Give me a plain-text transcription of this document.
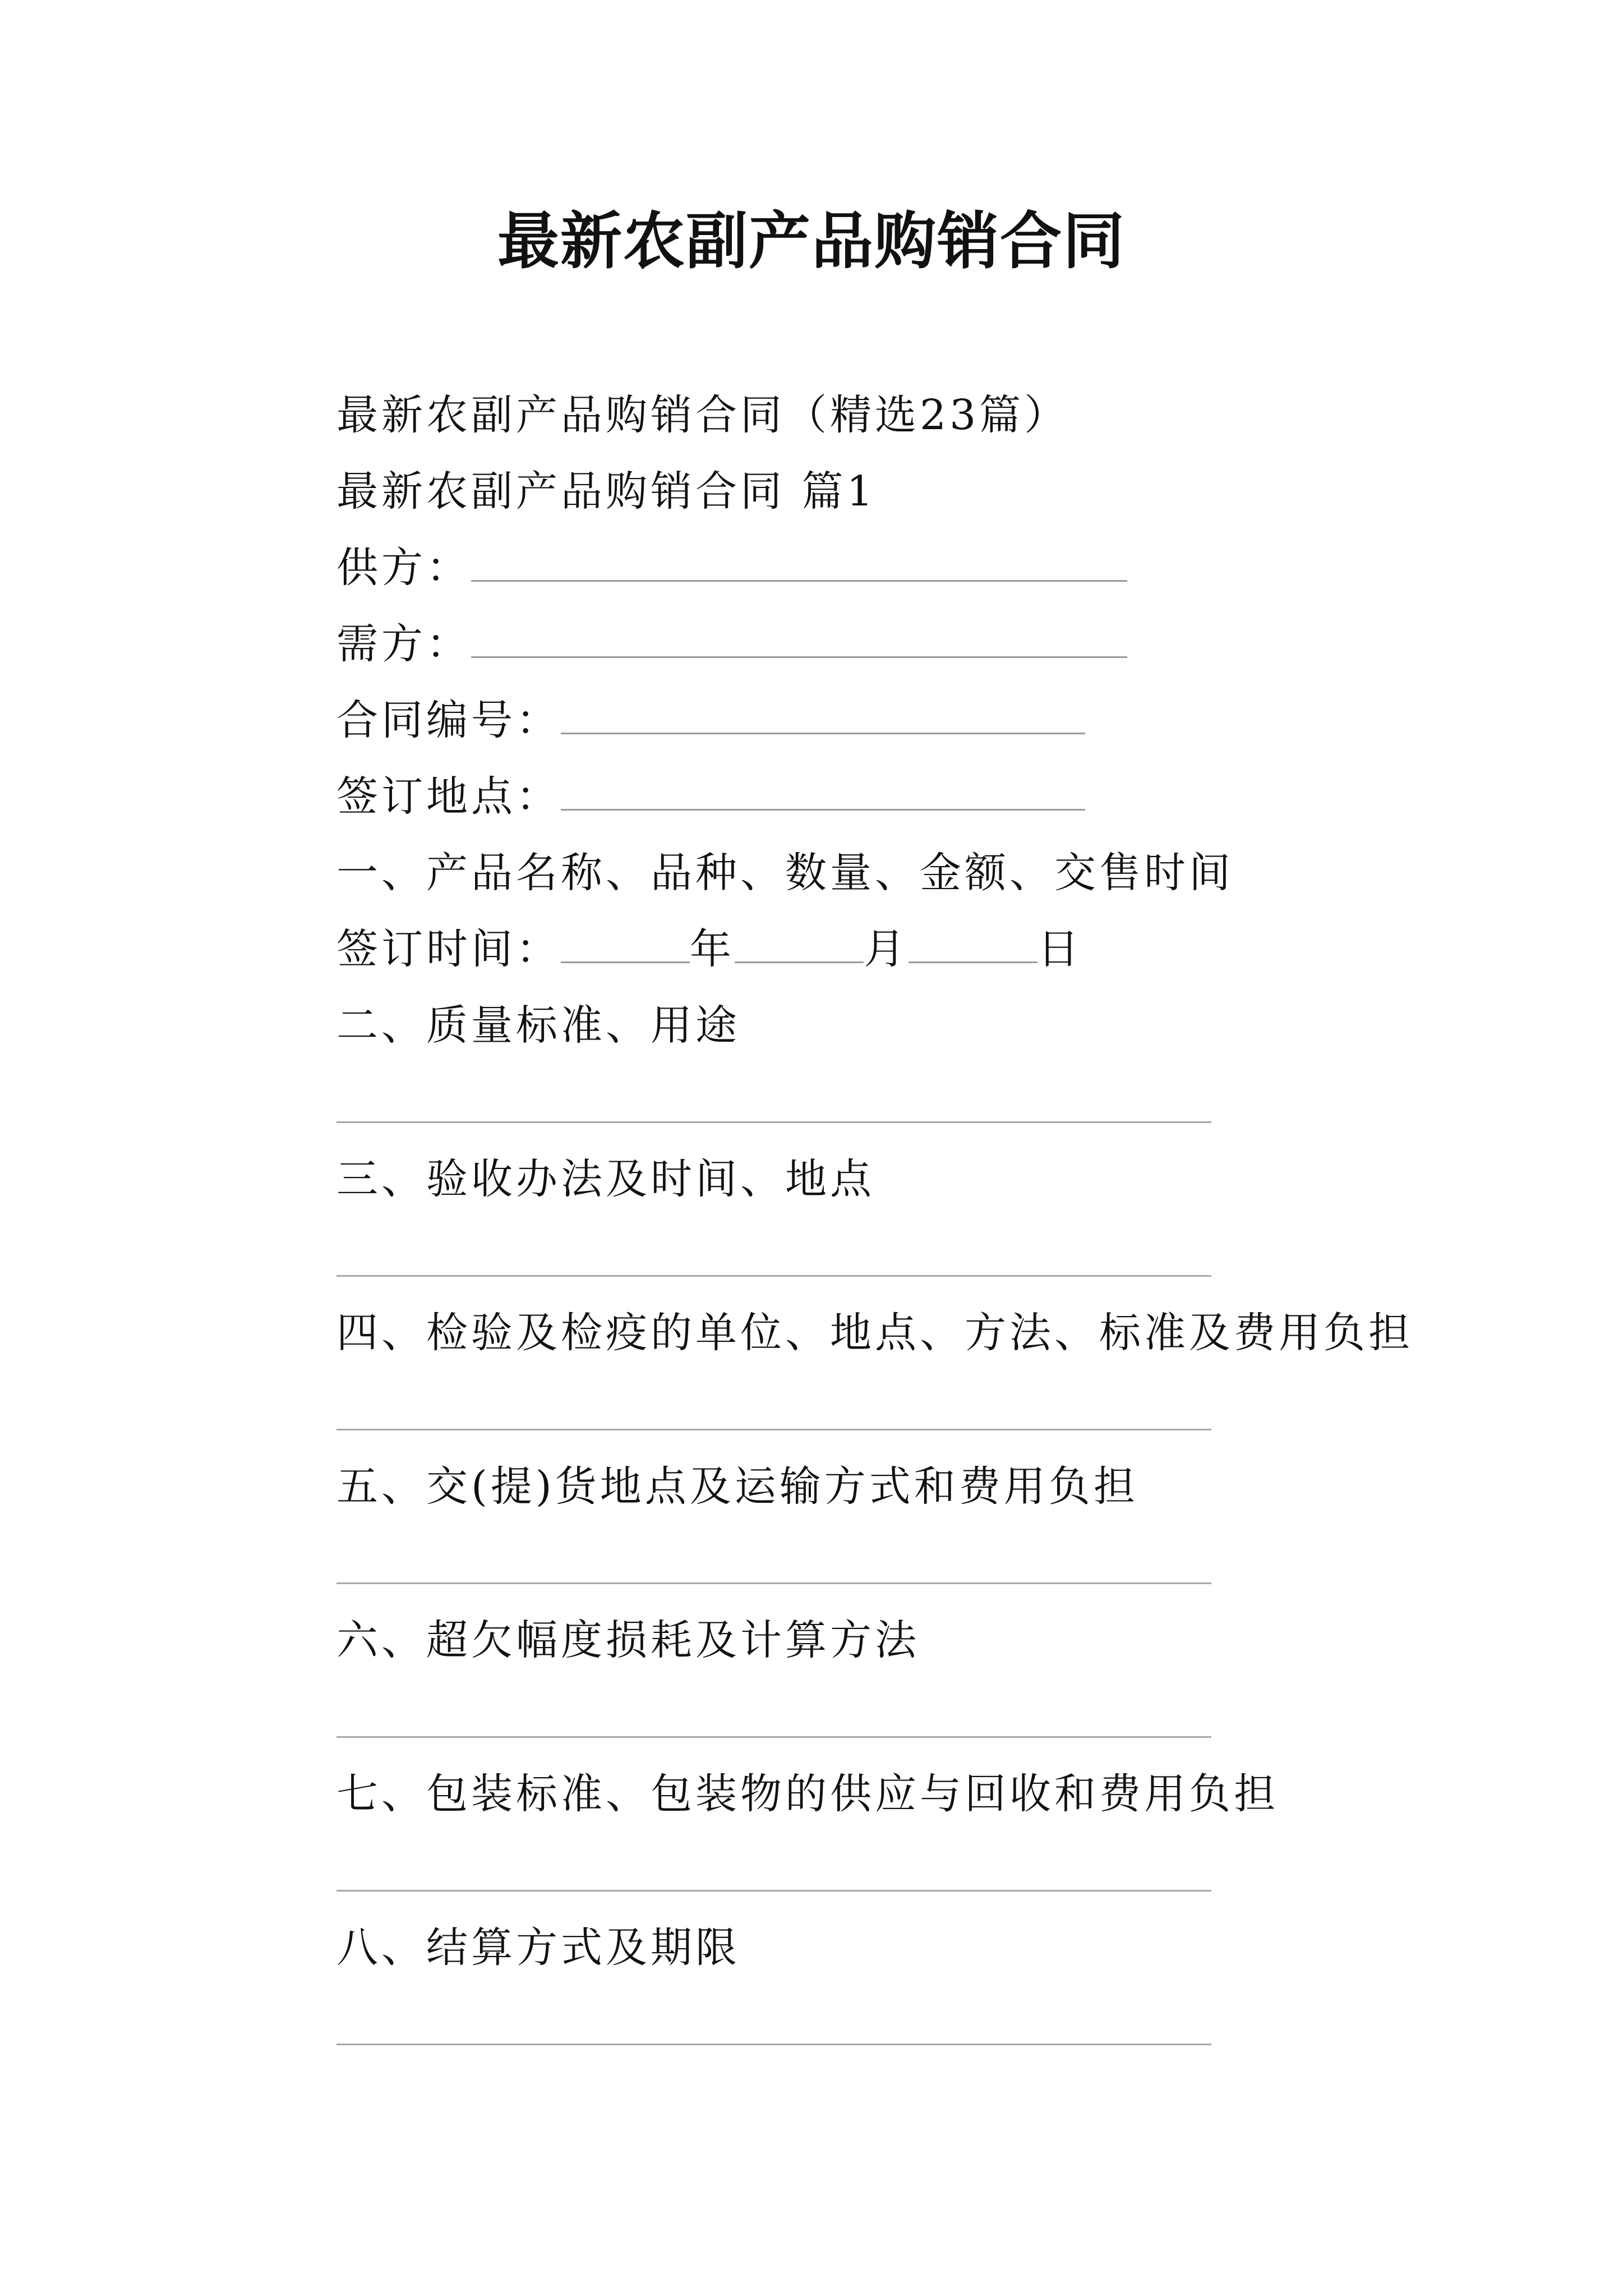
最新农副产品购销合同
最新农副产品购销合同（精选23篇）
最新农副产品购销合同 篇1
供方：
需方：
合同编号：
签订地点：
一、产品名称、品种、数量、金额、交售时间
签订时间：	年	月	日
二、质量标准、用途
三、验收办法及时间、地点
四、检验及检疫的单位、地点、方法、标准及费用负担
五、交(提)货地点及运输方式和费用负担
六、超欠幅度损耗及计算方法
七、包装标准、包装物的供应与回收和费用负担
八、结算方式及期限
